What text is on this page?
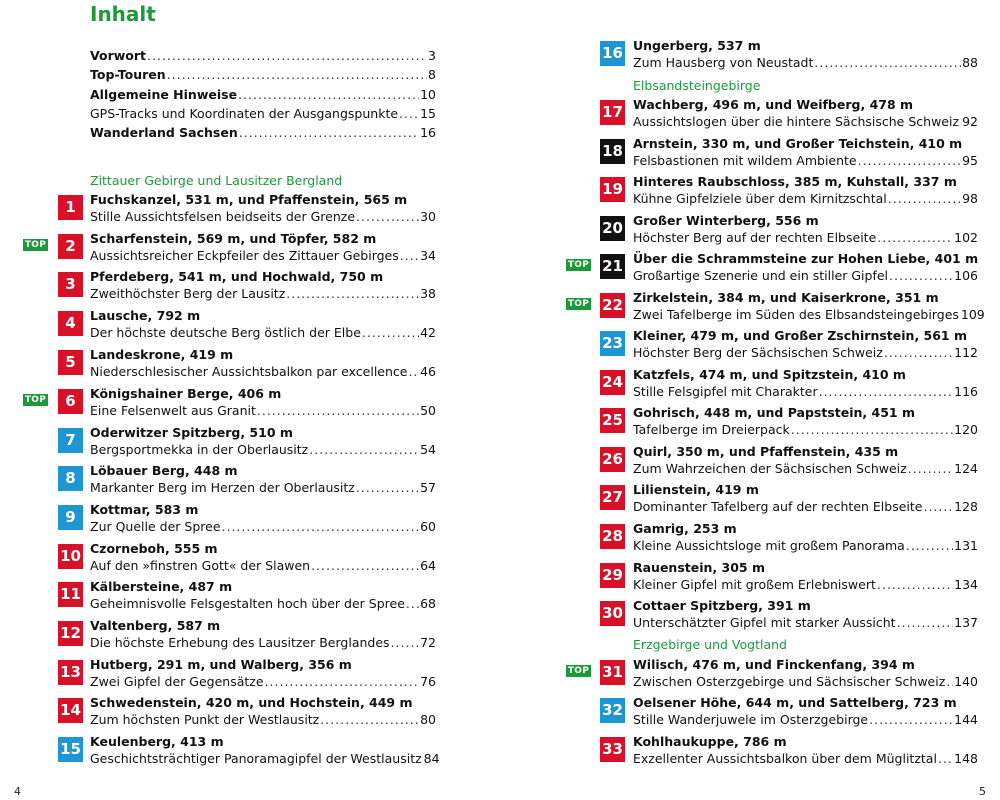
Inhalt
Vorwort .....	3
Top-Touren .....	8
Allgemeine Hinweise .....	10
GPS-Tracks und Koordinaten der Ausgangspunkte ..... 15
Wanderland Sachsen .....	16
Zittauer Gebirge und Lausitzer Bergland
1	Fuchskanzel, 531 m, und Pfaffenstein, 565 m
Stille Aussichtsfelsen beidseits der Grenze .....	30
TOP	2	Scharfenstein, 569 m, und Töpfer, 582 m
Aussichtsreicher Eckpfeiler des Zittauer Gebirges ..... 34
3	Pferdeberg, 541 m, und Hochwald, 750 m
Zweithöchster Berg der Lausitz .....	38
4	Lausche, 792 m
Der höchste deutsche Berg östlich der Elbe .....	42
5	Landeskrone, 419 m
Niederschlesischer Aussichtsbalkon par excellence ..... 46
TOP	6	Königshainer Berge, 406 m
Eine Felsenwelt aus Granit .....	50
7	Oderwitzer Spitzberg, 510 m
Bergsportmekka in der Oberlausitz .....	54
8	Löbauer Berg, 448 m
Markanter Berg im Herzen der Oberlausitz .....	57
9	Kottmar, 583 m
Zur Quelle der Spree .....	60
10 Czorneboh, 555 m
Auf den »finstren Gott« der Slawen .....	64
11 Kälbersteine, 487 m
Geheimnisvolle Felsgestalten hoch über der Spree ..... 68
12 Valtenberg, 587 m
Die höchste Erhebung des Lausitzer Berglandes ..... 72
13 Hutberg, 291 m, und Walberg, 356 m
Zwei Gipfel der Gegensätze .....	76
14 Schwedenstein, 420 m, und Hochstein, 449 m
Zum höchsten Punkt der Westlausitz .....	80
15 Keulenberg, 413 m
Geschichtsträchtiger Panoramagipfel der Westlausitz 84
4
Elbsandsteingebirge
Erzgebirge und Vogtland
16 Ungerberg, 537 m
Zum Hausberg von Neustadt .....	88
17 Wachberg, 496 m, und Weifberg, 478 m
Aussichtslogen über die hintere Sächsische Schweiz ..... 92
18 Arnstein, 330 m, und Großer Teichstein, 410 m
Felsbastionen mit wildem Ambiente .....	95
19 Hinteres Raubschloss, 385 m, Kuhstall, 337 m
Kühne Gipfelziele über dem Kirnitzschtal .....	98
20 Großer Winterberg, 556 m
Höchster Berg auf der rechten Elbseite .....	102
TOP 21 Über die Schrammsteine zur Hohen Liebe, 401 m
Großartige Szenerie und ein stiller Gipfel .....	106
TOP 22 Zirkelstein, 384 m, und Kaiserkrone, 351 m
Zwei Tafelberge im Süden des Elbsandsteingebirges 109
23 Kleiner, 479 m, und Großer Zschirnstein, 561 m
Höchster Berg der Sächsischen Schweiz .....	112
24 Katzfels, 474 m, und Spitzstein, 410 m
Stille Felsgipfel mit Charakter .....	116
25 Gohrisch, 448 m, und Papststein, 451 m
Tafelberge im Dreierpack .....	120
26 Quirl, 350 m, und Pfaffenstein, 435 m
Zum Wahrzeichen der Sächsischen Schweiz .....	124
27 Lilienstein, 419 m
Dominanter Tafelberg auf der rechten Elbseite .....	128
28 Gamrig, 253 m
Kleine Aussichtsloge mit großem Panorama .....	131
29 Rauenstein, 305 m
Kleiner Gipfel mit großem Erlebniswert .....	134
30 Cottaer Spitzberg, 391 m
Unterschätzter Gipfel mit starker Aussicht .....	137
TOP 31 Wilisch, 476 m, und Finckenfang, 394 m
Zwischen Osterzgebirge und Sächsischer Schweiz ..... 140
32 Oelsener Höhe, 644 m, und Sattelberg, 723 m
Stille Wanderjuwele im Osterzgebirge .....	144
33 Kohlhaukuppe, 786 m
Exzellenter Aussichtsbalkon über dem Müglitztal ..... 148
5
